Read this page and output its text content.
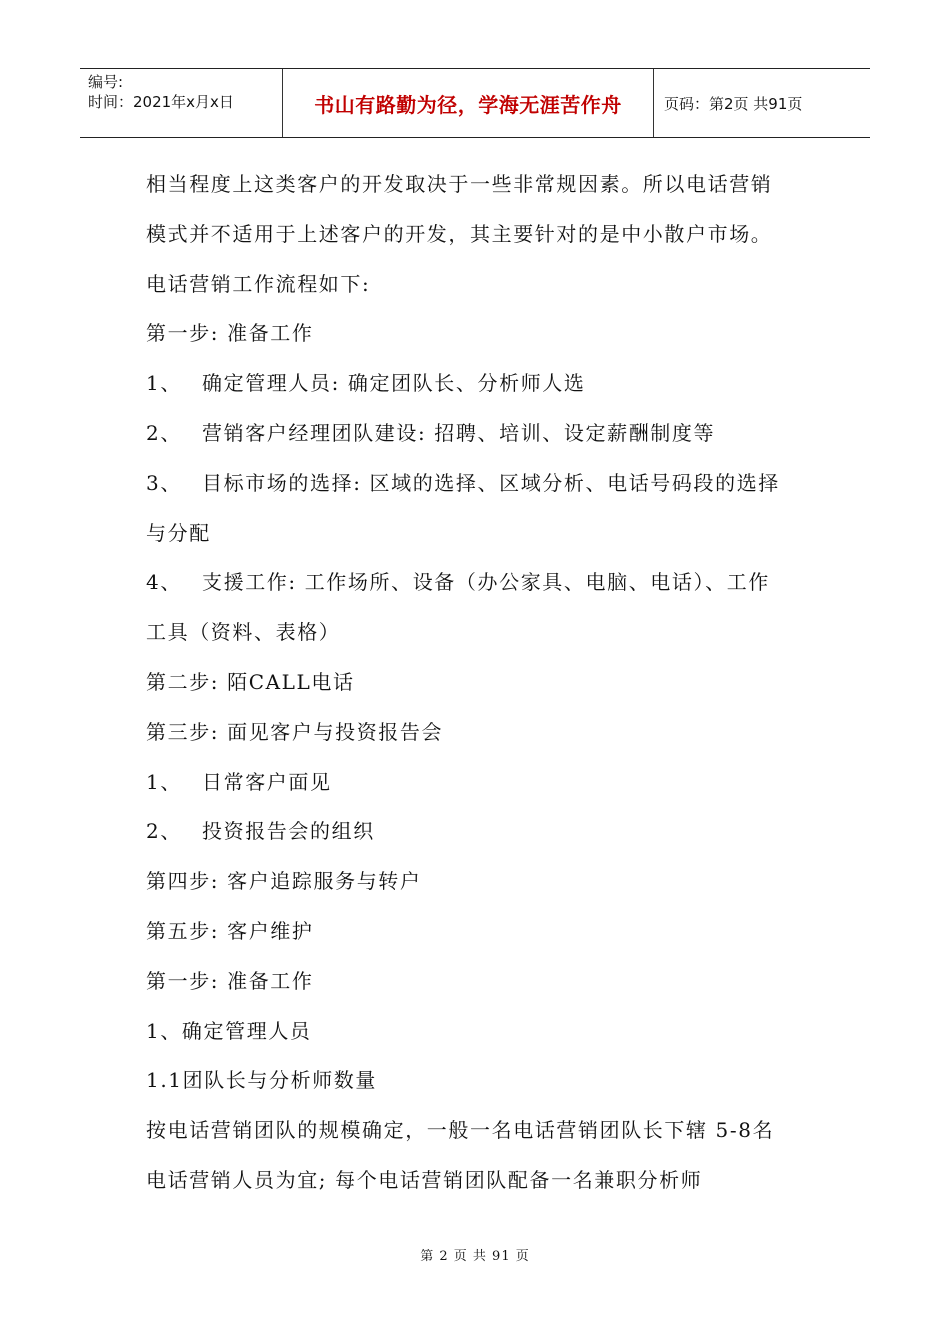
编号:
时间：2021年x月x日	书山有路勤为径，学海无涯苦作舟	页码：第2页 共91页
相当程度上这类客户的开发取决于一些非常规因素。所以电话营销
模式并不适用于上述客户的开发，其主要针对的是中小散户市场。
电话营销工作流程如下:
第一步: 准备工作
1、 确定管理人员: 确定团队长、分析师人选
2、 营销客户经理团队建设: 招聘、培训、设定薪酬制度等
3、 目标市场的选择: 区域的选择、区域分析、电话号码段的选择
与分配
4、 支援工作: 工作场所、设备（办公家具、电脑、电话）、工作
工具（资料、表格）
第二步: 陌CALL电话
第三步: 面见客户与投资报告会
1、 日常客户面见
2、 投资报告会的组织
第四步: 客户追踪服务与转户
第五步: 客户维护
第一步: 准备工作
1、确定管理人员
1.1团队长与分析师数量
按电话营销团队的规模确定，一般一名电话营销团队长下辖 5-8名
电话营销人员为宜; 每个电话营销团队配备一名兼职分析师
第 2 页 共 91 页
